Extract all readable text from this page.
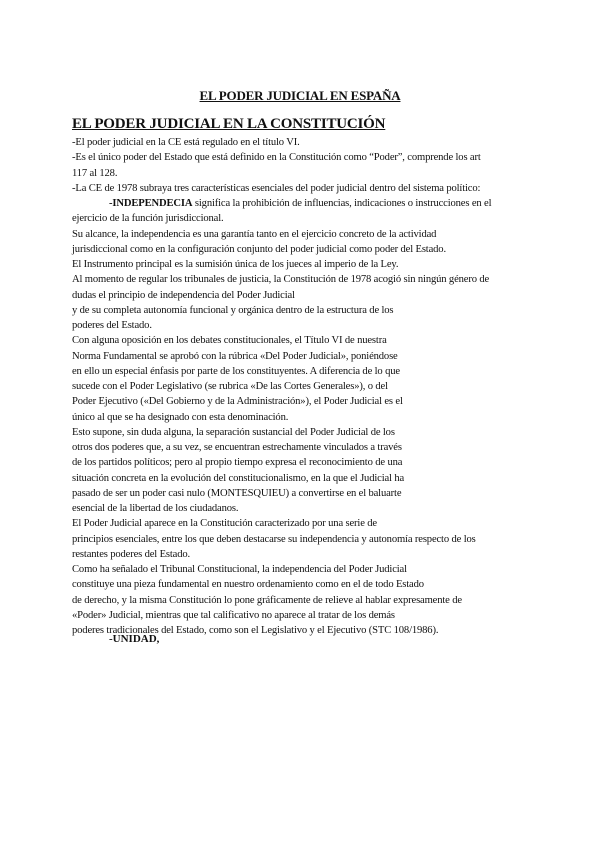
EL PODER JUDICIAL EN ESPAÑA
EL PODER JUDICIAL EN LA CONSTITUCIÓN
-El poder judicial en la CE está regulado en el título VI.
-Es el único poder del Estado que está definido en la Constitución como “Poder”, comprende los art
117 al 128.
-La CE de 1978 subraya tres características esenciales del poder judicial dentro del sistema político:
-INDEPENDECIA significa la prohibición de influencias, indicaciones o instrucciones en el
ejercicio de la función jurisdiccional.
Su alcance, la independencia es una garantía tanto en el ejercicio concreto de la actividad
jurisdiccional como en la configuración conjunto del poder judicial como poder del Estado.
El Instrumento principal es la sumisión única de los jueces al imperio de la Ley.
Al momento de regular los tribunales de justicia, la Constitución de 1978 acogió sin ningún género de
dudas el principio de independencia del Poder Judicial
y de su completa autonomía funcional y orgánica dentro de la estructura de los
poderes del Estado.
Con alguna oposición en los debates constitucionales, el Título VI de nuestra
Norma Fundamental se aprobó con la rúbrica «Del Poder Judicial», poniéndose
en ello un especial énfasis por parte de los constituyentes. A diferencia de lo que
sucede con el Poder Legislativo (se rubrica «De las Cortes Generales»), o del
Poder Ejecutivo («Del Gobierno y de la Administración»), el Poder Judicial es el
único al que se ha designado con esta denominación.
Esto supone, sin duda alguna, la separación sustancial del Poder Judicial de los
otros dos poderes que, a su vez, se encuentran estrechamente vinculados a través
de los partidos políticos; pero al propio tiempo expresa el reconocimiento de una
situación concreta en la evolución del constitucionalismo, en la que el Judicial ha
pasado de ser un poder casi nulo (MONTESQUIEU) a convertirse en el baluarte
esencial de la libertad de los ciudadanos.
El Poder Judicial aparece en la Constitución caracterizado por una serie de
principios esenciales, entre los que deben destacarse su independencia y autonomía respecto de los
restantes poderes del Estado.
Como ha señalado el Tribunal Constitucional, la independencia del Poder Judicial
constituye una pieza fundamental en nuestro ordenamiento como en el de todo Estado
de derecho, y la misma Constitución lo pone gráficamente de relieve al hablar expresamente de
«Poder» Judicial, mientras que tal calificativo no aparece al tratar de los demás
poderes tradicionales del Estado, como son el Legislativo y el Ejecutivo (STC 108/1986).
-UNIDAD,
